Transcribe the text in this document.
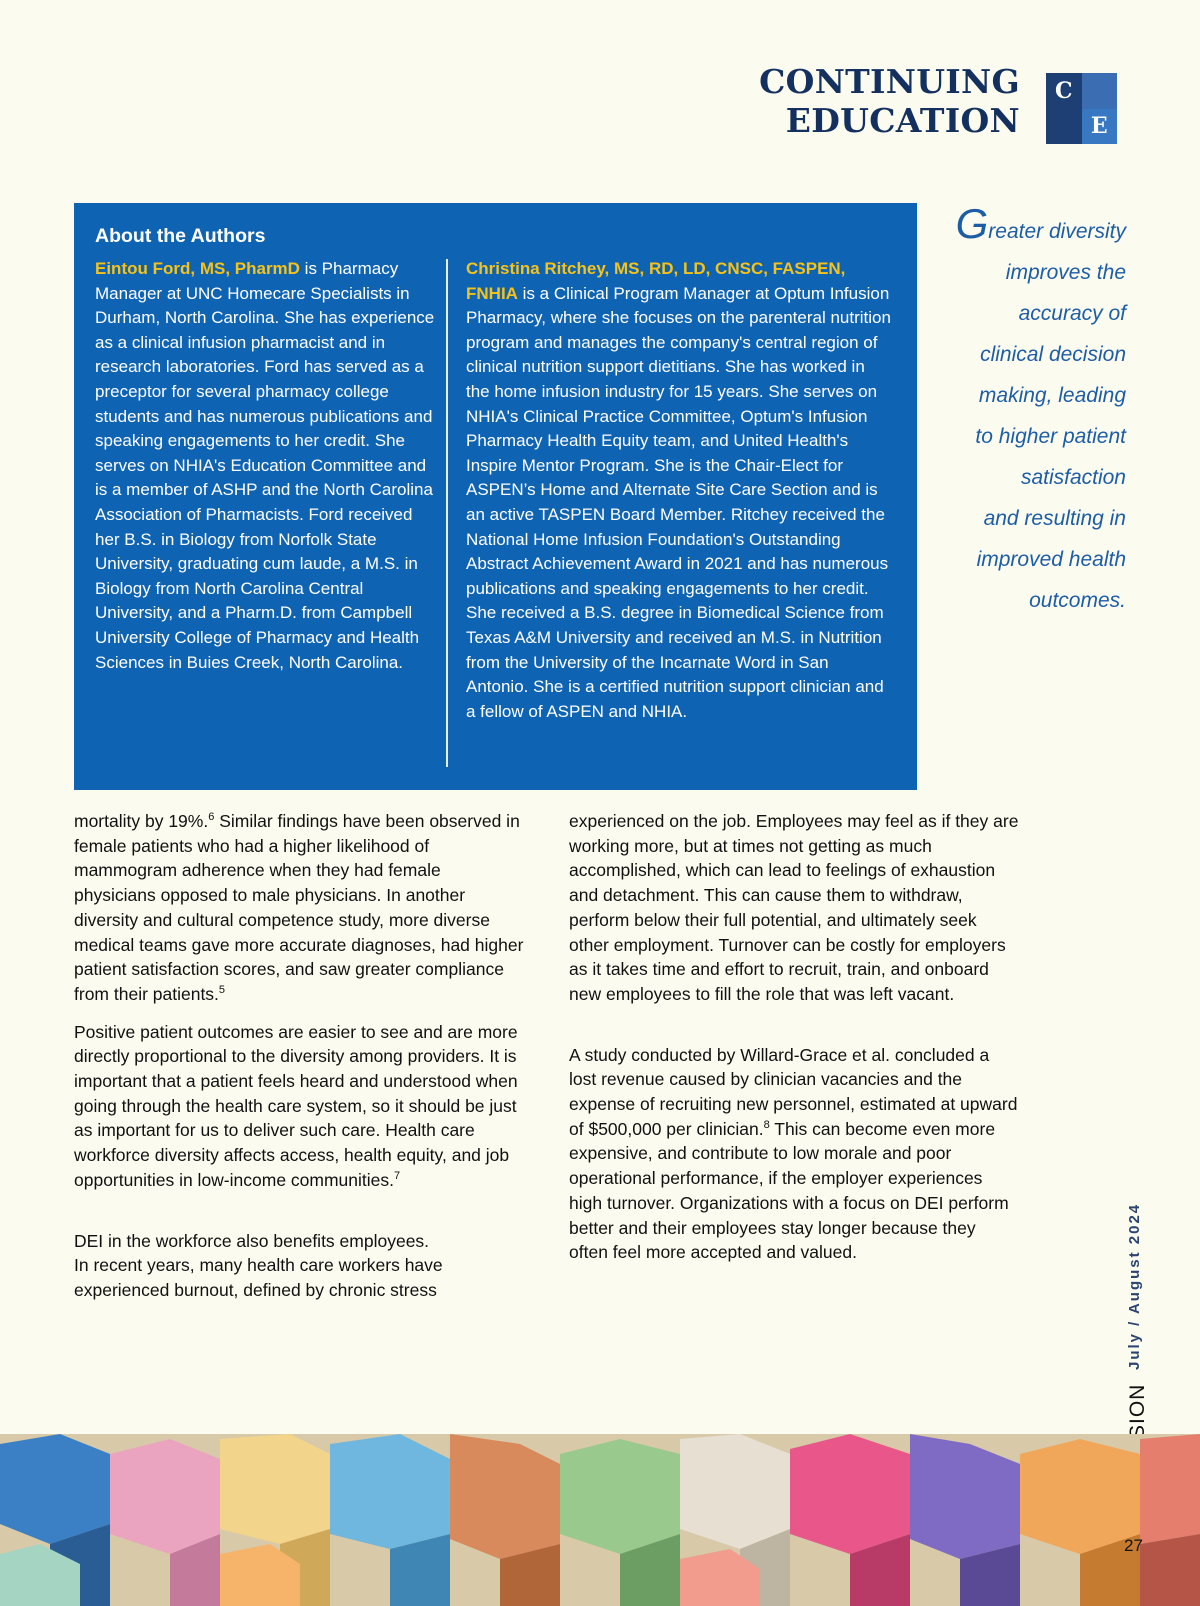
CONTINUING EDUCATION
C
E
About the Authors
Eintou Ford, MS, PharmD is Pharmacy Manager at UNC Homecare Specialists in Durham, North Carolina. She has experience as a clinical infusion pharmacist and in research laboratories. Ford has served as a preceptor for several pharmacy college students and has numerous publications and speaking engagements to her credit. She serves on NHIA's Education Committee and is a member of ASHP and the North Carolina Association of Pharmacists. Ford received her B.S. in Biology from Norfolk State University, graduating cum laude, a M.S. in Biology from North Carolina Central University, and a Pharm.D. from Campbell University College of Pharmacy and Health Sciences in Buies Creek, North Carolina.
Christina Ritchey, MS, RD, LD, CNSC, FASPEN, FNHIA is a Clinical Program Manager at Optum Infusion Pharmacy, where she focuses on the parenteral nutrition program and manages the company's central region of clinical nutrition support dietitians. She has worked in the home infusion industry for 15 years. She serves on NHIA's Clinical Practice Committee, Optum's Infusion Pharmacy Health Equity team, and United Health's Inspire Mentor Program. She is the Chair-Elect for ASPEN’s Home and Alternate Site Care Section and is an active TASPEN Board Member. Ritchey received the National Home Infusion Foundation's Outstanding Abstract Achievement Award in 2021 and has numerous publications and speaking engagements to her credit. She received a B.S. degree in Biomedical Science from Texas A&M University and received an M.S. in Nutrition from the University of the Incarnate Word in San Antonio. She is a certified nutrition support clinician and a fellow of ASPEN and NHIA.
Greater diversity
improves the
accuracy of
clinical decision
making, leading
to higher patient
satisfaction
and resulting in
improved health
outcomes.

mortality by 19%.$^6$ Similar findings have been observed in female patients who had a higher likelihood of mammogram adherence when they had female physicians opposed to male physicians. In another diversity and cultural competence study, more diverse medical teams gave more accurate diagnoses, had higher patient satisfaction scores, and saw greater compliance from their patients.$^5$

Positive patient outcomes are easier to see and are more directly proportional to the diversity among providers. It is important that a patient feels heard and understood when going through the health care system, so it should be just as important for us to deliver such care. Health care workforce diversity affects access, health equity, and job opportunities in low-income communities.$^7$

DEI in the workforce also benefits employees.
In recent years, many health care workers have experienced burnout, defined by chronic stress

experienced on the job. Employees may feel as if they are working more, but at times not getting as much accomplished, which can lead to feelings of exhaustion and detachment. This can cause them to withdraw, perform below their full potential, and ultimately seek other employment. Turnover can be costly for employers as it takes time and effort to recruit, train, and onboard new employees to fill the role that was left vacant.

A study conducted by Willard-Grace et al. concluded a lost revenue caused by clinician vacancies and the expense of recruiting new personnel, estimated at upward of $500,000 per clinician.$^8$ This can become even more expensive, and contribute to low morale and poor operational performance, if the employer experiences high turnover. Organizations with a focus on DEI perform better and their employees stay longer because they often feel more accepted and valued.	July / August 2024
27
